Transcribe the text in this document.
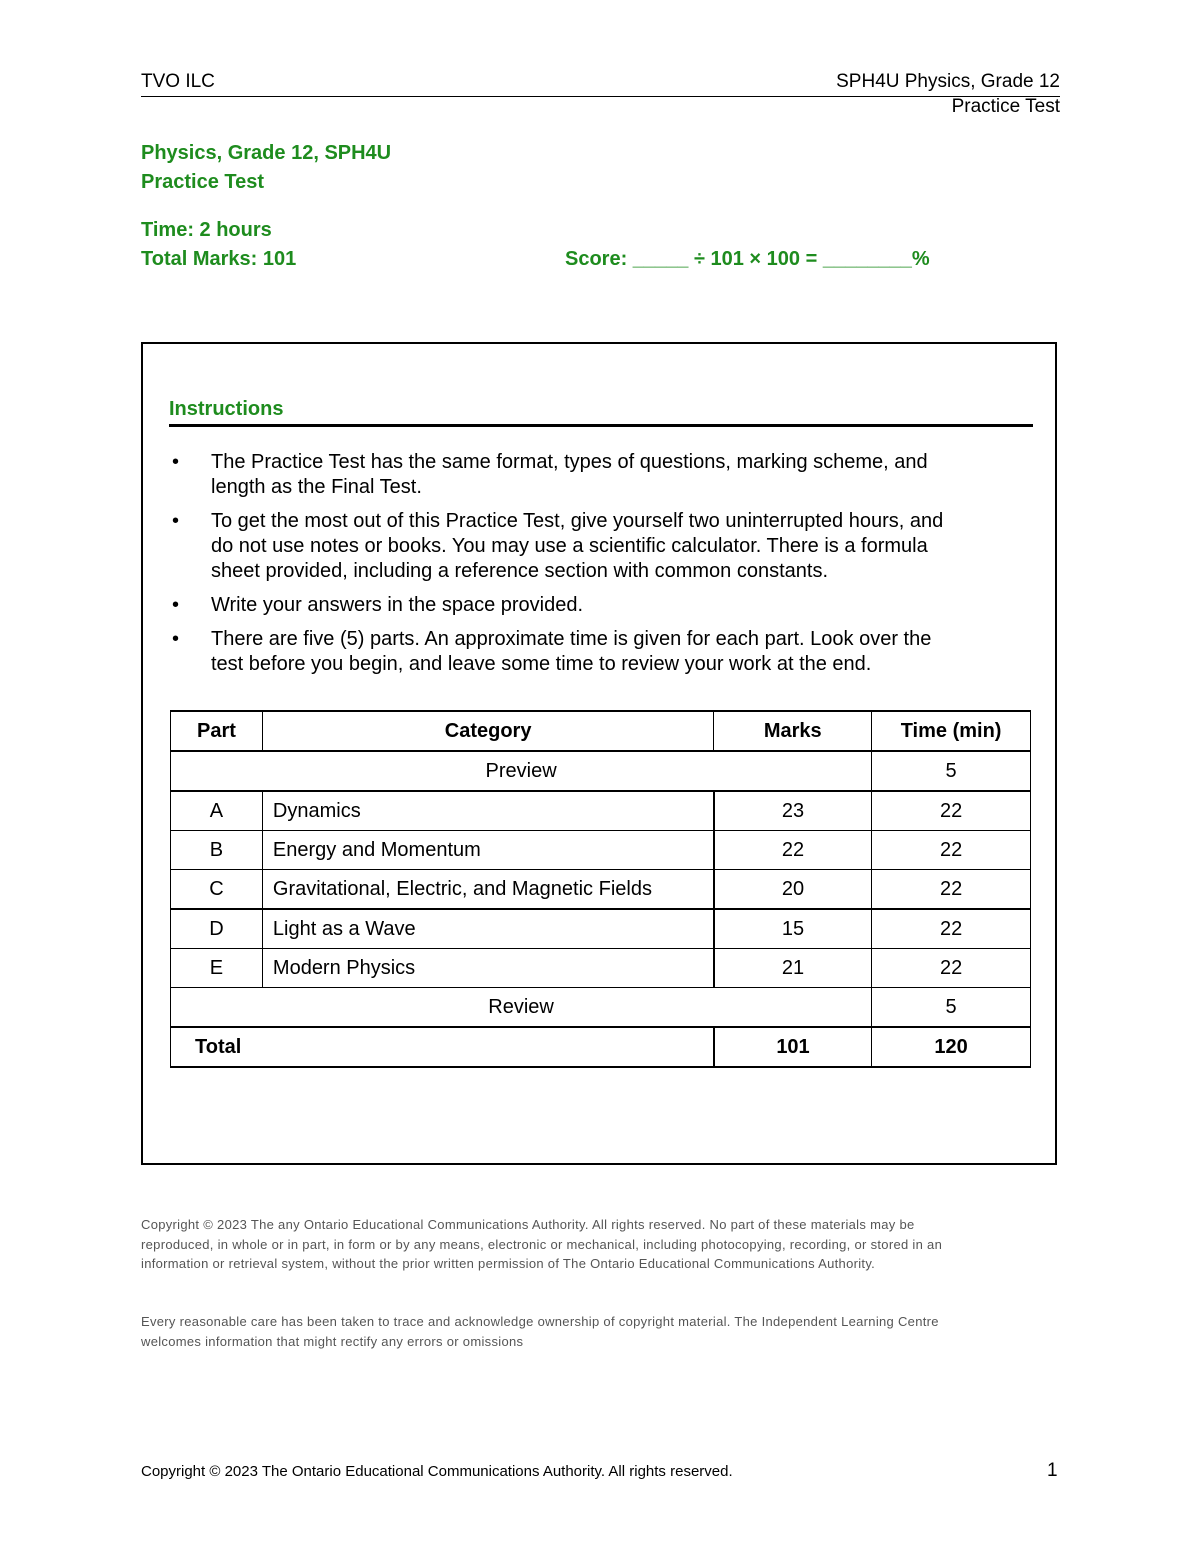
TVO ILC	SPH4U Physics, Grade 12
Practice Test
Physics, Grade 12, SPH4U
Practice Test
Time: 2 hours
Total Marks: 101	Score: _____ ÷ 101 × 100 = ________%
Instructions
• The Practice Test has the same format, types of questions, marking scheme, and length as the Final Test.
• To get the most out of this Practice Test, give yourself two uninterrupted hours, and do not use notes or books. You may use a scientific calculator. There is a formula sheet provided, including a reference section with common constants.
• Write your answers in the space provided.
• There are five (5) parts. An approximate time is given for each part. Look over the test before you begin, and leave some time to review your work at the end.
Part	Category	Marks	Time (min)
Preview			5
A	Dynamics	23	22
B	Energy and Momentum	22	22
C	Gravitational, Electric, and Magnetic Fields	20	22
D	Light as a Wave	15	22
E	Modern Physics	21	22
Review			5
Total		101	120
Copyright © 2023 The any Ontario Educational Communications Authority. All rights reserved. No part of these materials may be reproduced, in whole or in part, in form or by any means, electronic or mechanical, including photocopying, recording, or stored in an information or retrieval system, without the prior written permission of The Ontario Educational Communications Authority.
Every reasonable care has been taken to trace and acknowledge ownership of copyright material. The Independent Learning Centre welcomes information that might rectify any errors or omissions
Copyright © 2023 The Ontario Educational Communications Authority. All rights reserved.	1
